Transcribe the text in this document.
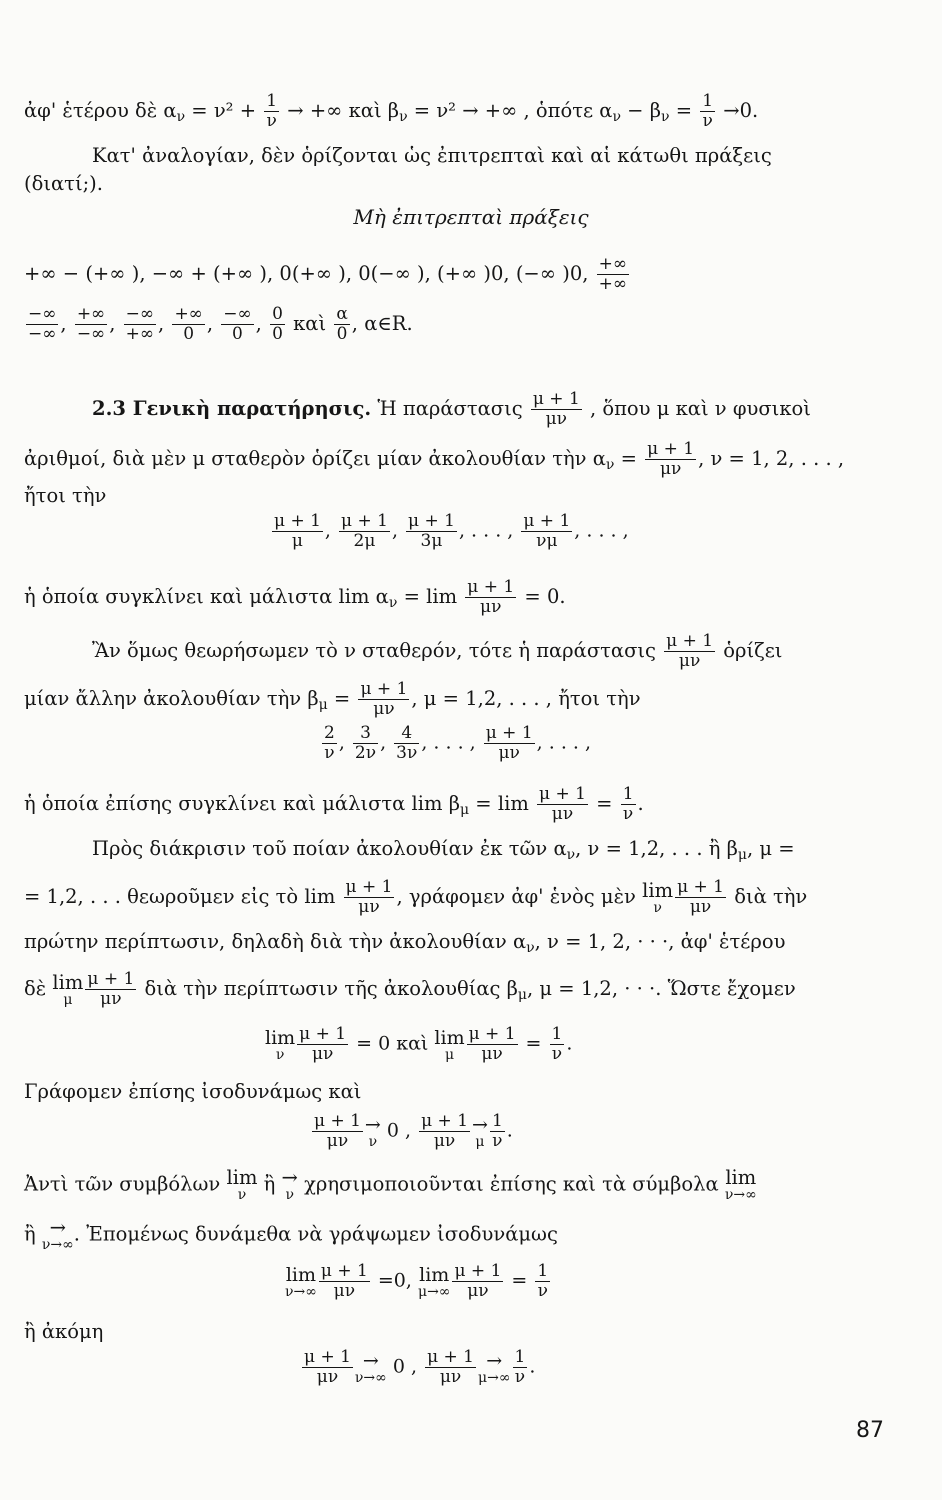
ἀφ' ἑτέρου δὲ $\alpha_\nu = \nu^2 + \frac{1}{\nu}$ → +∞ καὶ $\beta_\nu = \nu^2$ → +∞ , ὁπότε $\alpha_\nu - \beta_\nu = \frac{1}{\nu} \to 0$.
Κατ' ἀναλογίαν, δὲν ὁρίζονται ὡς ἐπιτρεπταὶ καὶ αἱ κάτωθι πράξεις
(διατί;).
Μὴ ἐπιτρεπταὶ πράξεις
+∞ − (+∞ ), −∞ + (+∞ ), 0(+∞ ), 0(−∞ ), (+∞ )0, (−∞ )0, $\frac{+\infty}{+\infty}$
$\frac{-\infty}{-\infty}$ , $\frac{+\infty}{-\infty}$ , $\frac{-\infty}{+\infty}$ , $\frac{+\infty}{0}$ , $\frac{-\infty}{0}$ , $\frac{0}{0}$ καὶ $\frac{\alpha}{0}$ , α∈R.
2.3 Γενικὴ παρατήρησις. Ἡ παράστασις $\frac{\mu + 1}{\mu\nu}$ , ὅπου μ καὶ ν φυσικοὶ
ἀριθμοί, διὰ μὲν μ σταθερὸν ὁρίζει μίαν ἀκολουθίαν τὴν $\alpha_\nu = \frac{\mu + 1}{\mu\nu}$ , ν = 1, 2, . . . ,
ἤτοι τὴν
$\frac{\mu + 1}{\mu}$ , $\frac{\mu + 1}{2\mu}$ , $\frac{\mu + 1}{3\mu}$ , . . . , $\frac{\mu + 1}{\nu\mu}$ , . . . ,
ἡ ὁποία συγκλίνει καὶ μάλιστα $\lim \alpha_\nu = \lim \frac{\mu + 1}{\mu\nu} = 0$.
Ἂν ὅμως θεωρήσωμεν τὸ ν σταθερόν, τότε ἡ παράστασις $\frac{\mu + 1}{\mu\nu}$ ὁρίζει
μίαν ἄλλην ἀκολουθίαν τὴν $\beta_\mu = \frac{\mu + 1}{\mu\nu}$ , μ = 1,2, . . . , ἤτοι τὴν
$\frac{2}{\nu}$ , $\frac{3}{2\nu}$ , $\frac{4}{3\nu}$ , . . . , $\frac{\mu + 1}{\mu\nu}$ , . . . ,
ἡ ὁποία ἐπίσης συγκλίνει καὶ μάλιστα $\lim \beta_\mu = \lim \frac{\mu + 1}{\mu\nu} = \frac{1}{\nu}$ .
Πρὸς διάκρισιν τοῦ ποίαν ἀκολουθίαν ἐκ τῶν $\alpha_\nu$, ν = 1,2, . . . ἢ $\beta_\mu$, μ =
= 1,2, . . . θεωροῦμεν εἰς τὸ $\lim \frac{\mu + 1}{\mu\nu}$ , γράφομεν ἀφ' ἑνὸς μὲν lim
ν $\frac{\mu + 1}{\mu\nu}$ διὰ τὴν
πρώτην περίπτωσιν, δηλαδὴ διὰ τὴν ἀκολουθίαν $\alpha_\nu$, ν = 1, 2, · · ·, ἀφ' ἑτέρου
δὲ lim
μ $\frac{\mu + 1}{\mu\nu}$ διὰ τὴν περίπτωσιν τῆς ἀκολουθίας $\beta_\mu$, μ = 1,2, · · ·. Ὥστε ἔχομεν
lim
ν $\frac{\mu + 1}{\mu\nu} = 0$ καὶ lim
μ $\frac{\mu + 1}{\mu\nu} = \frac{1}{\nu}$ .
Γράφομεν ἐπίσης ἰσοδυνάμως καὶ
$\frac{\mu + 1}{\mu\nu}$ →
ν 0 , $\frac{\mu + 1}{\mu\nu}$ →
μ $\frac{1}{\nu}$ .
Ἀντὶ τῶν συμβόλων lim
ν ἢ →
ν χρησιμοποιοῦνται ἐπίσης καὶ τὰ σύμβολα lim
ν→∞
ἢ →
ν→∞ . Ἐπομένως δυνάμεθα νὰ γράψωμεν ἰσοδυνάμως
lim
$\nu\to\infty \frac{\mu + 1}{\mu\nu} =0$, lim
$\mu\to\infty \frac{\mu + 1}{\mu\nu} = \frac{1}{\nu}$
ἢ ἀκόμη
$\frac{\mu + 1}{\mu\nu}$ →
ν→∞ 0 , $\frac{\mu + 1}{\mu\nu}$ →
$\mu\to\infty \frac{1}{\nu}$ .
87
